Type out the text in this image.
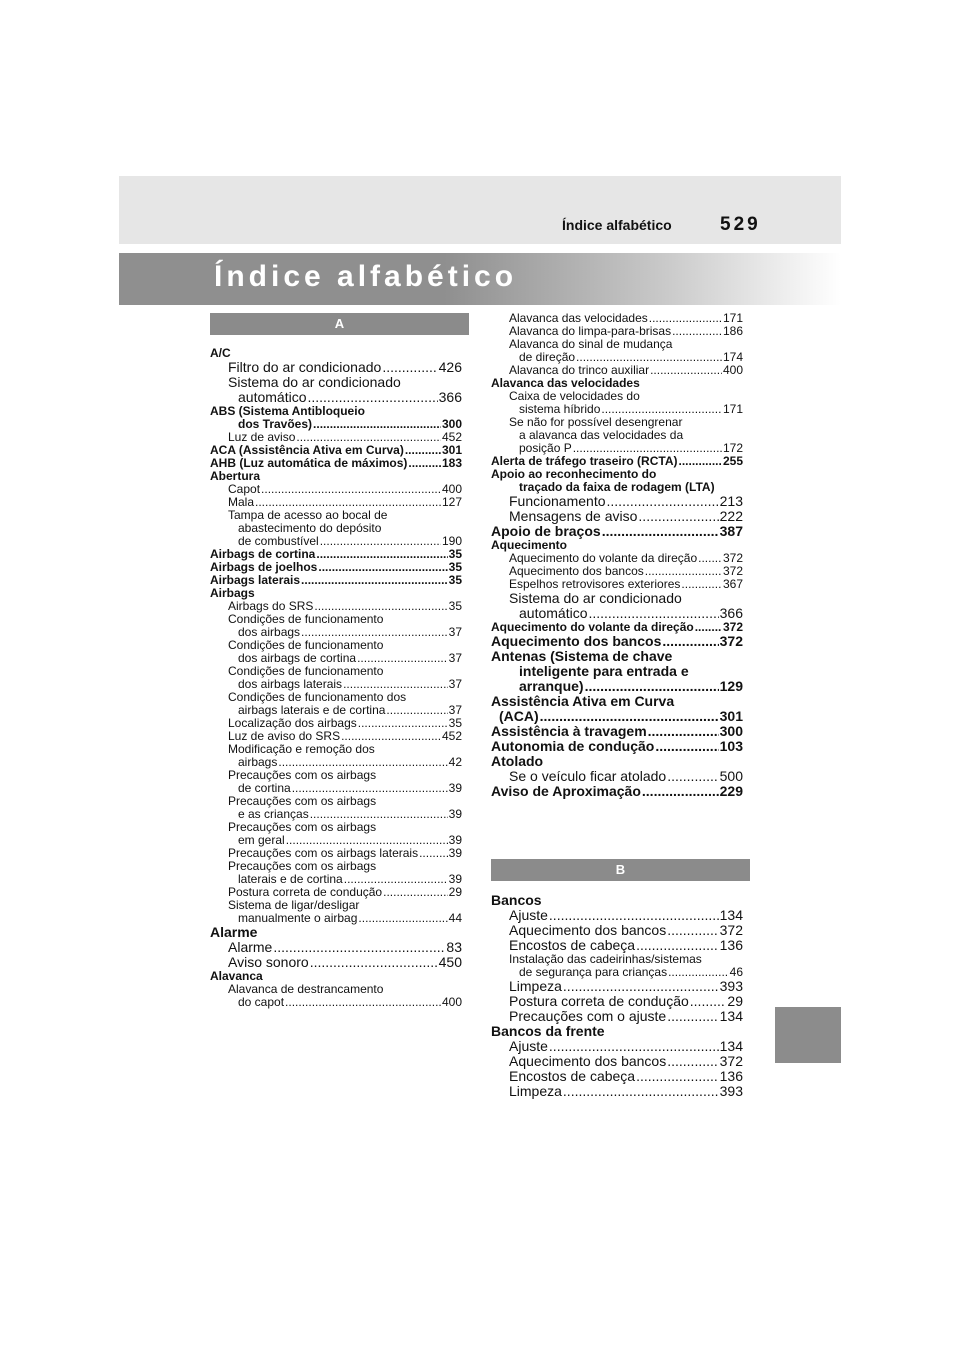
Índice alfabético	529
Índice alfabético
A
B
A/C
Filtro do ar condicionado .....	426
Sistema do ar condicionado
automático .....	366
ABS (Sistema Antibloqueio
dos Travões) .....	300
Luz de aviso .....	452
ACA (Assistência Ativa em Curva) .....	301
AHB (Luz automática de máximos) .....	183
Abertura
Capot .....	400
Mala .....	127
Tampa de acesso ao bocal de
abastecimento do depósito
de combustível .....	190
Airbags de cortina .....	35
Airbags de joelhos .....	35
Airbags laterais .....	35
Airbags
Airbags do SRS .....	35
Condições de funcionamento
dos airbags .....	37
Condições de funcionamento
dos airbags de cortina .....	37
Condições de funcionamento
dos airbags laterais .....	37
Condições de funcionamento dos
airbags laterais e de cortina .....	37
Localização dos airbags .....	35
Luz de aviso do SRS .....	452
Modificação e remoção dos
airbags .....	42
Precauções com os airbags
de cortina .....	39
Precauções com os airbags
e as crianças .....	39
Precauções com os airbags
em geral .....	39
Precauções com os airbags laterais .....	39
Precauções com os airbags
laterais e de cortina .....	39
Postura correta de condução .....	29
Sistema de ligar/desligar
manualmente o airbag .....	44
Alarme
Alarme .....	83
Aviso sonoro .....	450
Alavanca
Alavanca de destrancamento
do capot .....	400
Alavanca das velocidades .....	171
Alavanca do limpa-para-brisas .....	186
Alavanca do sinal de mudança
de direção .....	174
Alavanca do trinco auxiliar .....	400
Alavanca das velocidades
Caixa de velocidades do
sistema híbrido .....	171
Se não for possível desengrenar
a alavanca das velocidades da
posição P .....	172
Alerta de tráfego traseiro (RCTA) .....	255
Apoio ao reconhecimento do
traçado da faixa de rodagem (LTA)
Funcionamento .....	213
Mensagens de aviso .....	222
Apoio de braços .....	387
Aquecimento
Aquecimento do volante da direção ..... 372
Aquecimento dos bancos .....	372
Espelhos retrovisores exteriores .....	367
Sistema do ar condicionado
automático .....	366
Aquecimento do volante da direção ..... 372
Aquecimento dos bancos .....	372
Antenas (Sistema de chave
inteligente para entrada e
arranque) .....	129
Assistência Ativa em Curva
(ACA) .....	301
Assistência à travagem .....	300
Autonomia de condução .....	103
Atolado
Se o veículo ficar atolado .....	500
Aviso de Aproximação .....	229
Bancos
Ajuste .....	134
Aquecimento dos bancos .....	372
Encostos de cabeça .....	136
Instalação das cadeirinhas/sistemas
de segurança para crianças .....	46
Limpeza .....	393
Postura correta de condução .....	29
Precauções com o ajuste .....	134
Bancos da frente
Ajuste .....	134
Aquecimento dos bancos .....	372
Encostos de cabeça .....	136
Limpeza .....	393
